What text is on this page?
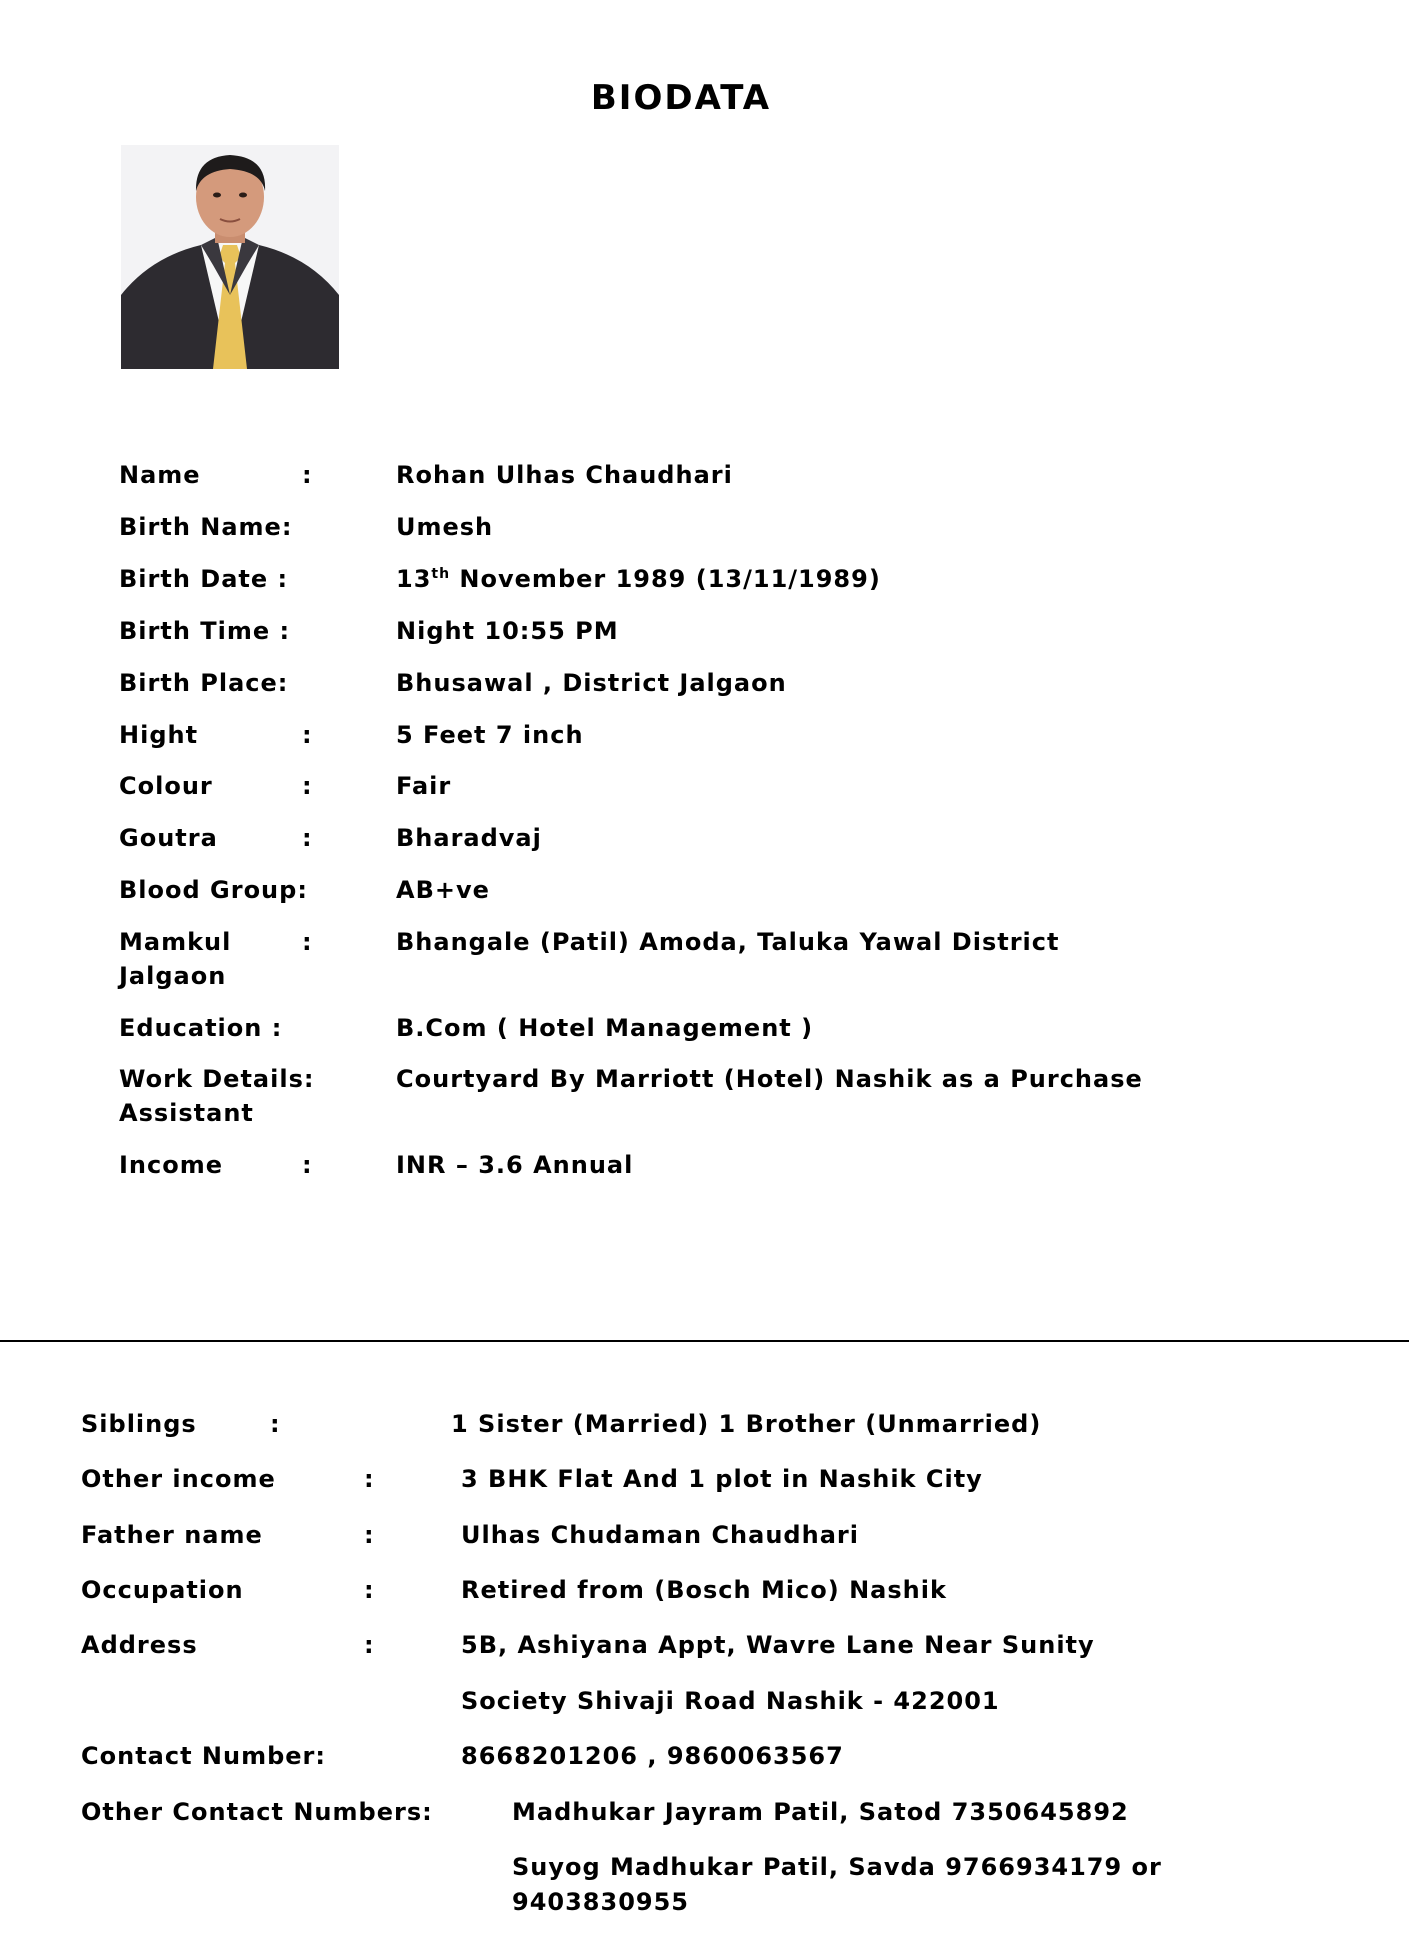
BIODATA
Name	:	Rohan Ulhas Chaudhari
Birth Name:	Umesh
Birth Date :	13th November 1989 (13/11/1989)
Birth Time :	Night 10:55 PM
Birth Place:	Bhusawal , District Jalgaon
Hight	:	5 Feet 7 inch
Colour	:	Fair
Goutra	:	Bharadvaj
Blood Group:	AB+ve
Mamkul	:	Bhangale (Patil) Amoda, Taluka Yawal District
Jalgaon
Education :	B.Com ( Hotel Management )
Work Details:	Courtyard By Marriott (Hotel) Nashik as a Purchase
Assistant
Income	:	INR – 3.6 Annual
Siblings	:	1 Sister (Married) 1 Brother (Unmarried)
Other income	:	3 BHK Flat And 1 plot in Nashik City
Father name	:	Ulhas Chudaman Chaudhari
Occupation	:	Retired from (Bosch Mico) Nashik
Address	:	5B, Ashiyana Appt, Wavre Lane Near Sunity
Society Shivaji Road Nashik - 422001
Contact Number:	8668201206 , 9860063567
Other Contact Numbers:	Madhukar Jayram Patil, Satod 7350645892
Suyog Madhukar Patil, Savda 9766934179 or
9403830955
